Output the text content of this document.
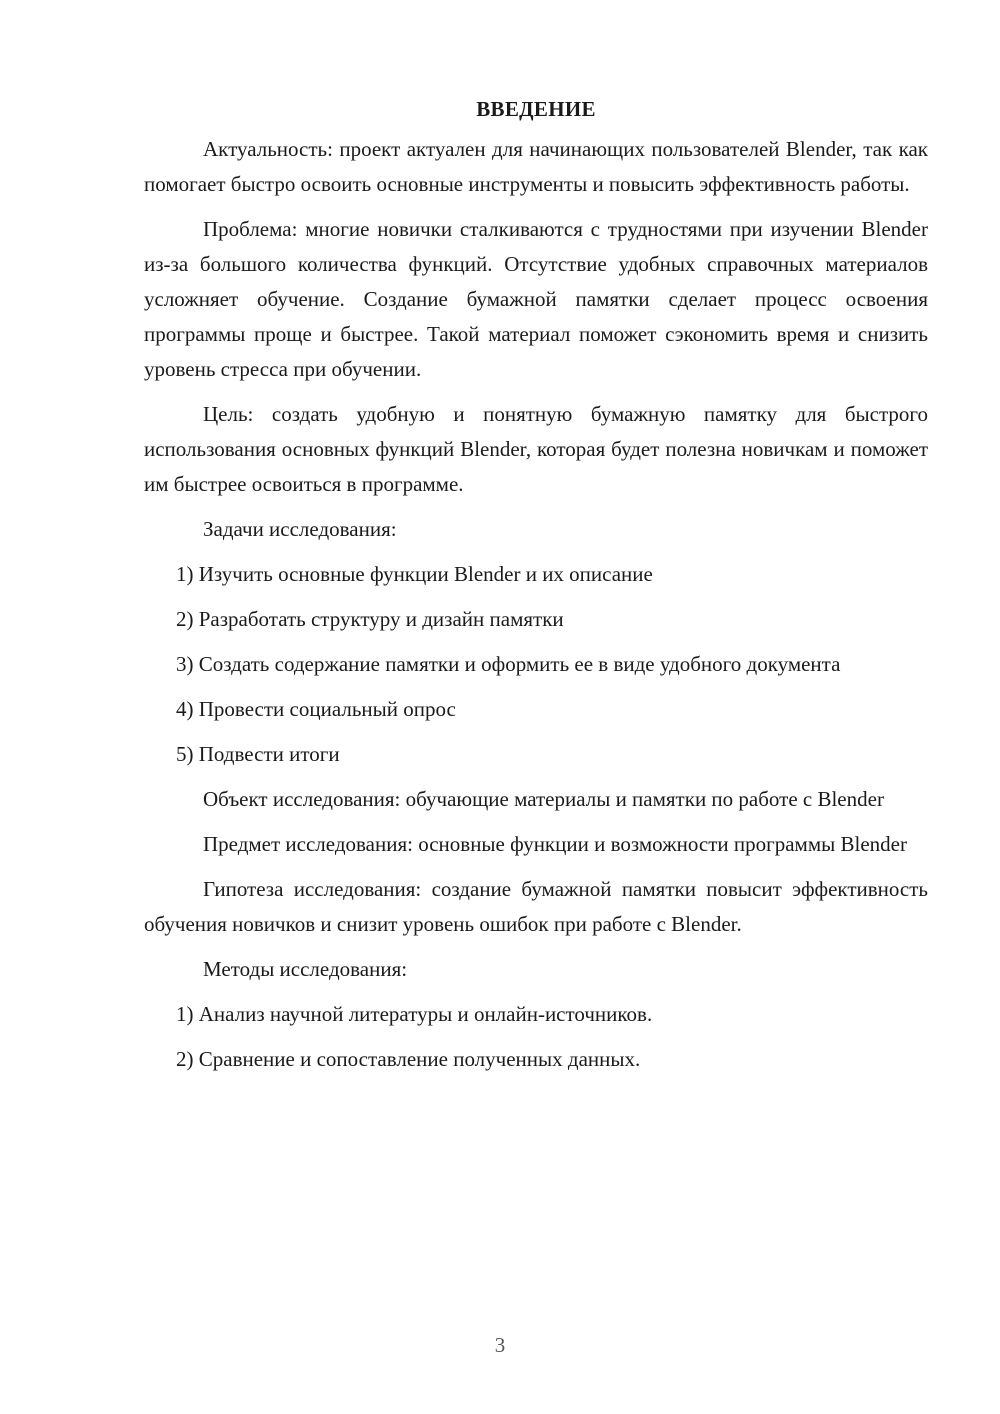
ВВЕДЕНИЕ

Актуальность: проект актуален для начинающих пользователей Blender, так как помогает быстро освоить основные инструменты и повысить эффективность работы.

Проблема: многие новички сталкиваются с трудностями при изучении Blender из-за большого количества функций. Отсутствие удобных справочных материалов усложняет обучение. Создание бумажной памятки сделает процесс освоения программы проще и быстрее. Такой материал поможет сэкономить время и снизить уровень стресса при обучении.

Цель: создать удобную и понятную бумажную памятку для быстрого использования основных функций Blender, которая будет полезна новичкам и поможет им быстрее освоиться в программе.

Задачи исследования:

1) Изучить основные функции Blender и их описание

2) Разработать структуру и дизайн памятки

3) Создать содержание памятки и оформить ее в виде удобного документа

4) Провести социальный опрос

5) Подвести итоги

Объект исследования: обучающие материалы и памятки по работе с Blender

Предмет исследования: основные функции и возможности программы Blender

Гипотеза исследования: создание бумажной памятки повысит эффективность обучения новичков и снизит уровень ошибок при работе с Blender.

Методы исследования:

1) Анализ научной литературы и онлайн-источников.

2) Сравнение и сопоставление полученных данных.

3
